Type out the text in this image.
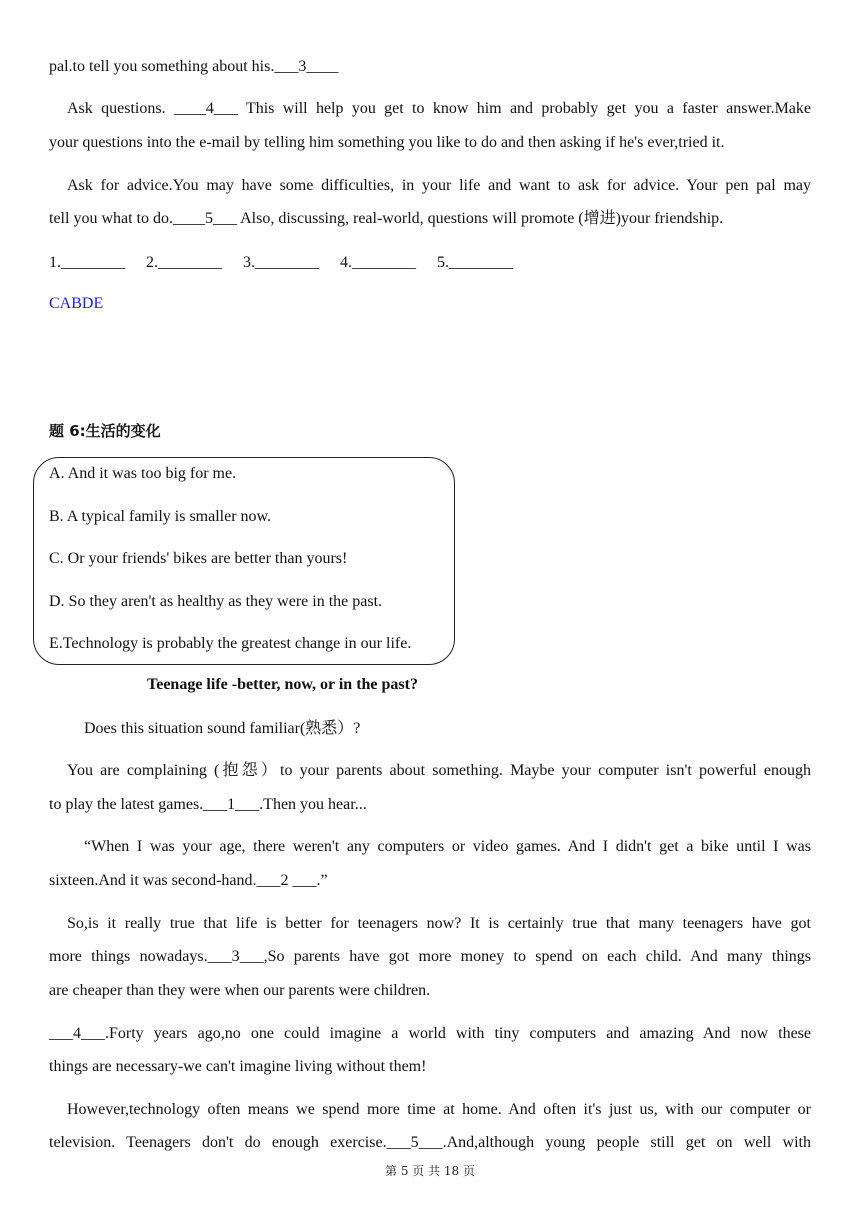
pal.to tell you something about his.___3____
Ask questions. ____4___ This will help you get to know him and probably get you a faster answer.Make
your questions into the e-mail by telling him something you like to do and then asking if he's ever,tried it.
Ask for advice.You may have some difficulties, in your life and want to ask for advice. Your pen pal may
tell you what to do.____5___ Also, discussing, real-world, questions will promote (增进)your friendship.
1.________ 2.________ 3.________ 4.________ 5.________
CABDE
题 6:生活的变化
A. And it was too big for me.
B. A typical family is smaller now.
C. Or your friends' bikes are better than yours!
D. So they aren't as healthy as they were in the past.
E.Technology is probably the greatest change in our life.
Teenage life -better, now, or in the past?
Does this situation sound familiar(熟悉）?
You are complaining (抱怨）to your parents about something. Maybe your computer isn't powerful enough
to play the latest games.___1___.Then you hear...
“When I was your age, there weren't any computers or video games. And I didn't get a bike until I was
sixteen.And it was second-hand.___2 ___.”
So,is it really true that life is better for teenagers now? It is certainly true that many teenagers have got
more things nowadays.___3___,So parents have got more money to spend on each child. And many things
are cheaper than they were when our parents were children.
___4___.Forty years ago,no one could imagine a world with tiny computers and amazing And now these
things are necessary-we can't imagine living without them!
However,technology often means we spend more time at home. And often it's just us, with our computer or
television. Teenagers don't do enough exercise.___5___.And,although young people still get on well with
第 5 页 共 18 页
